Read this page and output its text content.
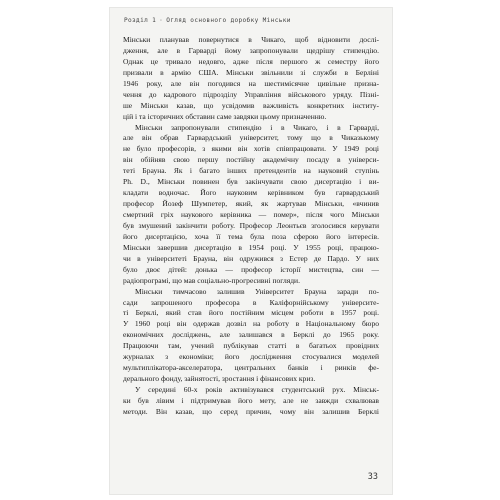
Розділ 1 · Огляд основного доробку Мінськи
Мінськи планував повернутися в Чикаго, щоб відновити дослі-
дження, але в Гарварді йому запропонували щедрішу стипендію.
Однак це тривало недовго, адже після першого ж семестру його
призвали в армію США. Мінськи звільнили зі служби в Берліні
1946 року, але він погодився на шестимісячне цивільне призна-
чення до кадрового підрозділу Управління військового уряду. Пізні-
ше Мінськи казав, що усвідомив важливість конкретних інститу-
цій і та історичних обставин саме завдяки цьому призначенню.
Мінськи запропонували стипендію і в Чикаго, і в Гарварді,
але він обрав Гарвардський університет, тому що в Чиказькому
не було професорів, з якими він хотів співпрацювати. У 1949 році
він обійняв свою першу постійну академічну посаду в універси-
теті Брауна. Як і багато інших претендентів на науковий ступінь
Ph. D., Мінськи повинен був закінчувати свою дисертацію і ви-
кладати водночас. Його науковим керівником був гарвардський
професор Йозеф Шумпетер, який, як жартував Мінськи, «вчинив
смертний гріх наукового керівника — помер», після чого Мінськи
був змушений закінчити роботу. Професор Леонтьєв зголосився керувати
його дисертацією, хоча її тема була поза сферою його інтересів.
Мінськи завершив дисертацію в 1954 році. У 1955 році, працюю-
чи в університеті Брауна, він одружився з Естер де Пардо. У них
було двоє дітей: донька — професор історії мистецтва, син —
радіопрограмі, що мав соціально-прогресивні погляди.
Мінськи тимчасово залишив Університет Брауна заради по-
сади запрошеного професора в Каліфорнійському університе-
ті Берклі, який став його постійним місцем роботи в 1957 році.
У 1960 році він одержав дозвіл на роботу в Національному бюро
економічних досліджень, але залишався в Берклі до 1965 року.
Працюючи там, учений публікував статті в багатьох провідних
журналах з економіки; його дослідження стосувалися моделей
мультиплікатора-акселератора, центральних банків і ринків фе-
дерального фонду, зайнятості, зростання і фінансових криз.
У середині 60-х років активізувався студентський рух. Мінськ-
ки був лівим і підтримував його мету, але не завжди схвалював
методи. Він казав, що серед причин, чому він залишив Берклі
33
